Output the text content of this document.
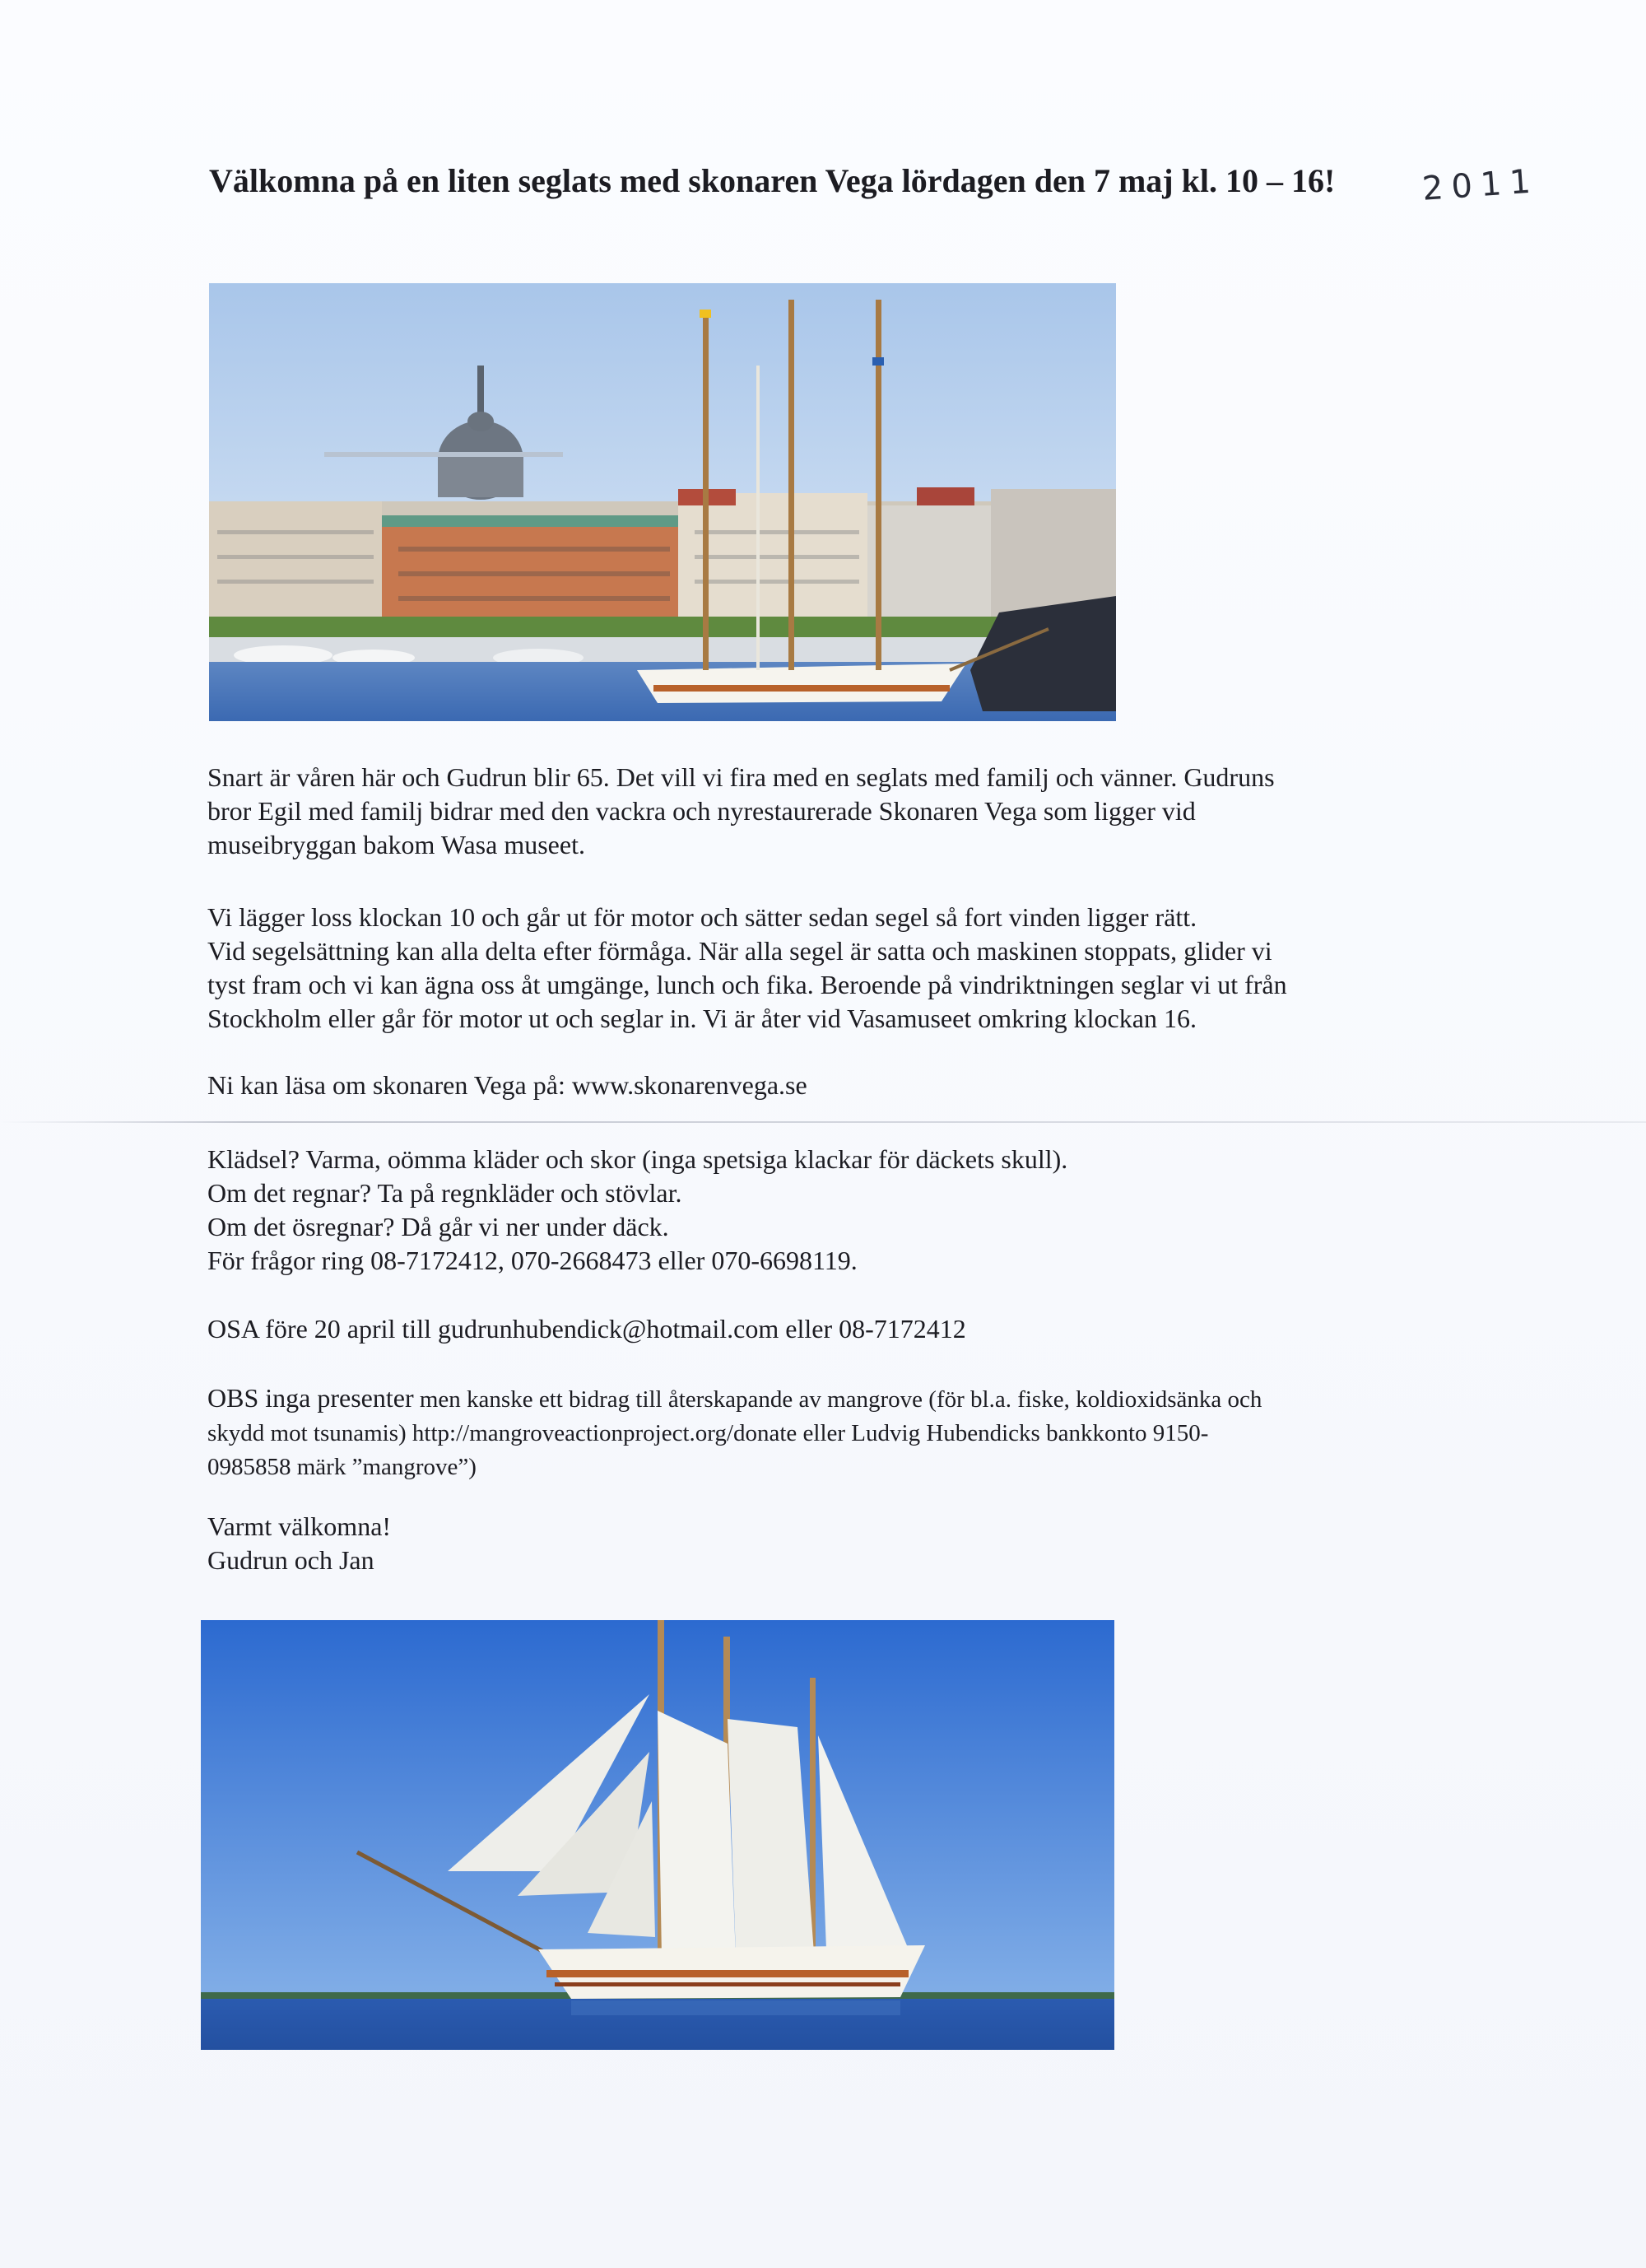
Välkomna på en liten seglats med skonaren Vega lördagen den 7 maj kl. 10 – 16!	2011

Snart är våren här och Gudrun blir 65. Det vill vi fira med en seglats med familj och vänner. Gudruns
bror Egil med familj bidrar med den vackra och nyrestaurerade Skonaren Vega som ligger vid
museibryggan bakom Wasa museet.

Vi lägger loss klockan 10 och går ut för motor och sätter sedan segel så fort vinden ligger rätt.
Vid segelsättning kan alla delta efter förmåga. När alla segel är satta och maskinen stoppats, glider vi
tyst fram och vi kan ägna oss åt umgänge, lunch och fika. Beroende på vindriktningen seglar vi ut från
Stockholm eller går för motor ut och seglar in. Vi är åter vid Vasamuseet omkring klockan 16.

Ni kan läsa om skonaren Vega på: www.skonarenvega.se

Klädsel? Varma, oömma kläder och skor (inga spetsiga klackar för däckets skull).
Om det regnar? Ta på regnkläder och stövlar.
Om det ösregnar? Då går vi ner under däck.
För frågor ring 08-7172412, 070-2668473 eller 070-6698119.

OSA före 20 april till gudrunhubendick@hotmail.com eller 08-7172412

OBS inga presenter men kanske ett bidrag till återskapande av mangrove (för bl.a. fiske, koldioxidsänka och
skydd mot tsunamis) http://mangroveactionproject.org/donate eller Ludvig Hubendicks bankkonto 9150-
0985858 märk ”mangrove”)

Varmt välkomna!
Gudrun och Jan
